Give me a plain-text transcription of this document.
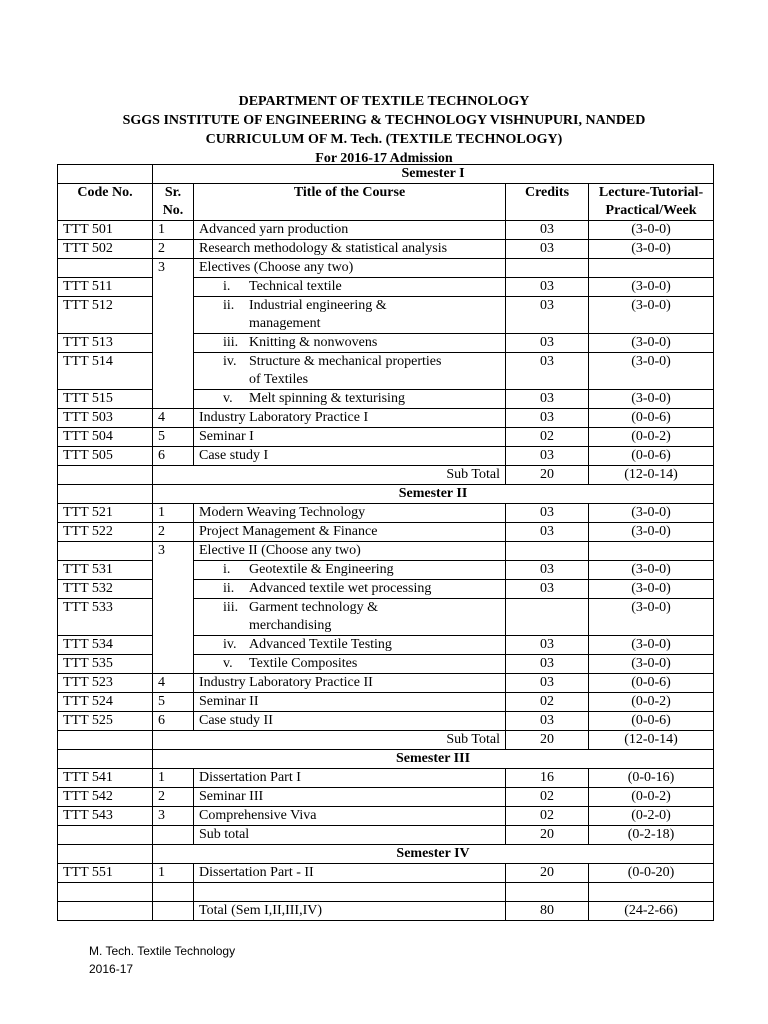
DEPARTMENT OF TEXTILE TECHNOLOGY
SGGS INSTITUTE OF ENGINEERING & TECHNOLOGY VISHNUPURI, NANDED
CURRICULUM OF M. Tech. (TEXTILE TECHNOLOGY)
For 2016-17 Admission
	Semester I			
Code No.	Sr. No.	Title of the Course	Credits	Lecture-Tutorial-Practical/Week
TTT 501	1	Advanced yarn production	03	(3-0-0)
TTT 502	2	Research methodology & statistical analysis	03	(3-0-0)
	3	Electives (Choose any two)		
TTT 511		i. Technical textile	03	(3-0-0)
TTT 512		ii. Industrial engineering & management	03	(3-0-0)
TTT 513		iii. Knitting & nonwovens	03	(3-0-0)
TTT 514		iv. Structure & mechanical properties of Textiles	03	(3-0-0)
TTT 515		v. Melt spinning & texturising	03	(3-0-0)
TTT 503	4	Industry Laboratory Practice I	03	(0-0-6)
TTT 504	5	Seminar I	02	(0-0-2)
TTT 505	6	Case study I	03	(0-0-6)
	Sub Total		20	(12-0-14)
	Semester II			
TTT 521	1	Modern Weaving Technology	03	(3-0-0)
TTT 522	2	Project Management & Finance	03	(3-0-0)
	3	Elective II (Choose any two)		
TTT 531		i. Geotextile & Engineering	03	(3-0-0)
TTT 532		ii. Advanced textile wet processing	03	(3-0-0)
TTT 533		iii. Garment technology & merchandising		(3-0-0)
TTT 534		iv. Advanced Textile Testing	03	(3-0-0)
TTT 535		v. Textile Composites	03	(3-0-0)
TTT 523	4	Industry Laboratory Practice II	03	(0-0-6)
TTT 524	5	Seminar II	02	(0-0-2)
TTT 525	6	Case study II	03	(0-0-6)
	Sub Total		20	(12-0-14)
	Semester III			
TTT 541	1	Dissertation Part I	16	(0-0-16)
TTT 542	2	Seminar III	02	(0-0-2)
TTT 543	3	Comprehensive Viva	02	(0-2-0)
		Sub total	20	(0-2-18)
	Semester IV			
TTT 551	1	Dissertation Part - II	20	(0-0-20)

		Total (Sem I,II,III,IV)	80	(24-2-66)
M. Tech. Textile Technology
2016-17
